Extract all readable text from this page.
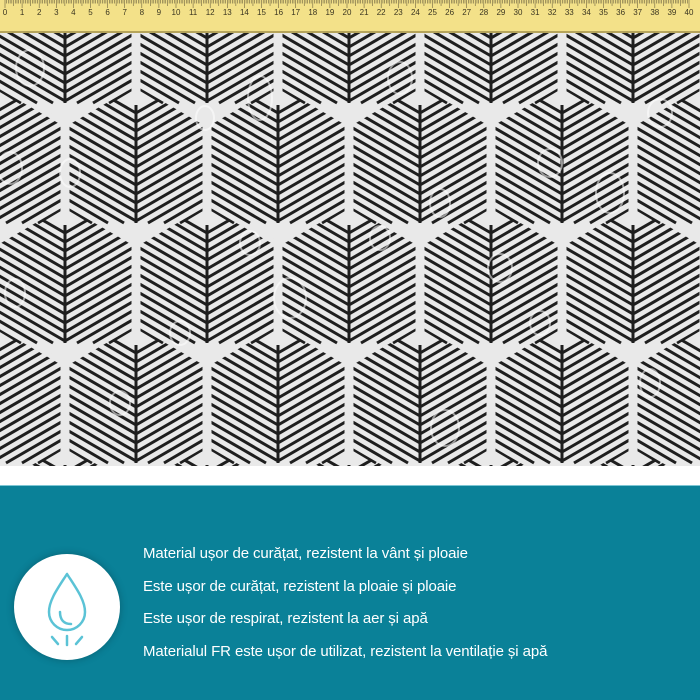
0 1 2 3 4 5 6 7 8 9 10 11 12 13 14 15 16 17 18 19 20 21 22 23 24 25 26 27 28 29 30 31 32 33 34 35 36 37 38 39 40
Material ușor de curățat, rezistent la vânt și ploaie
Este ușor de curățat, rezistent la ploaie și ploaie
Este ușor de respirat, rezistent la aer și apă
Materialul FR este ușor de utilizat, rezistent la ventilație și apă
